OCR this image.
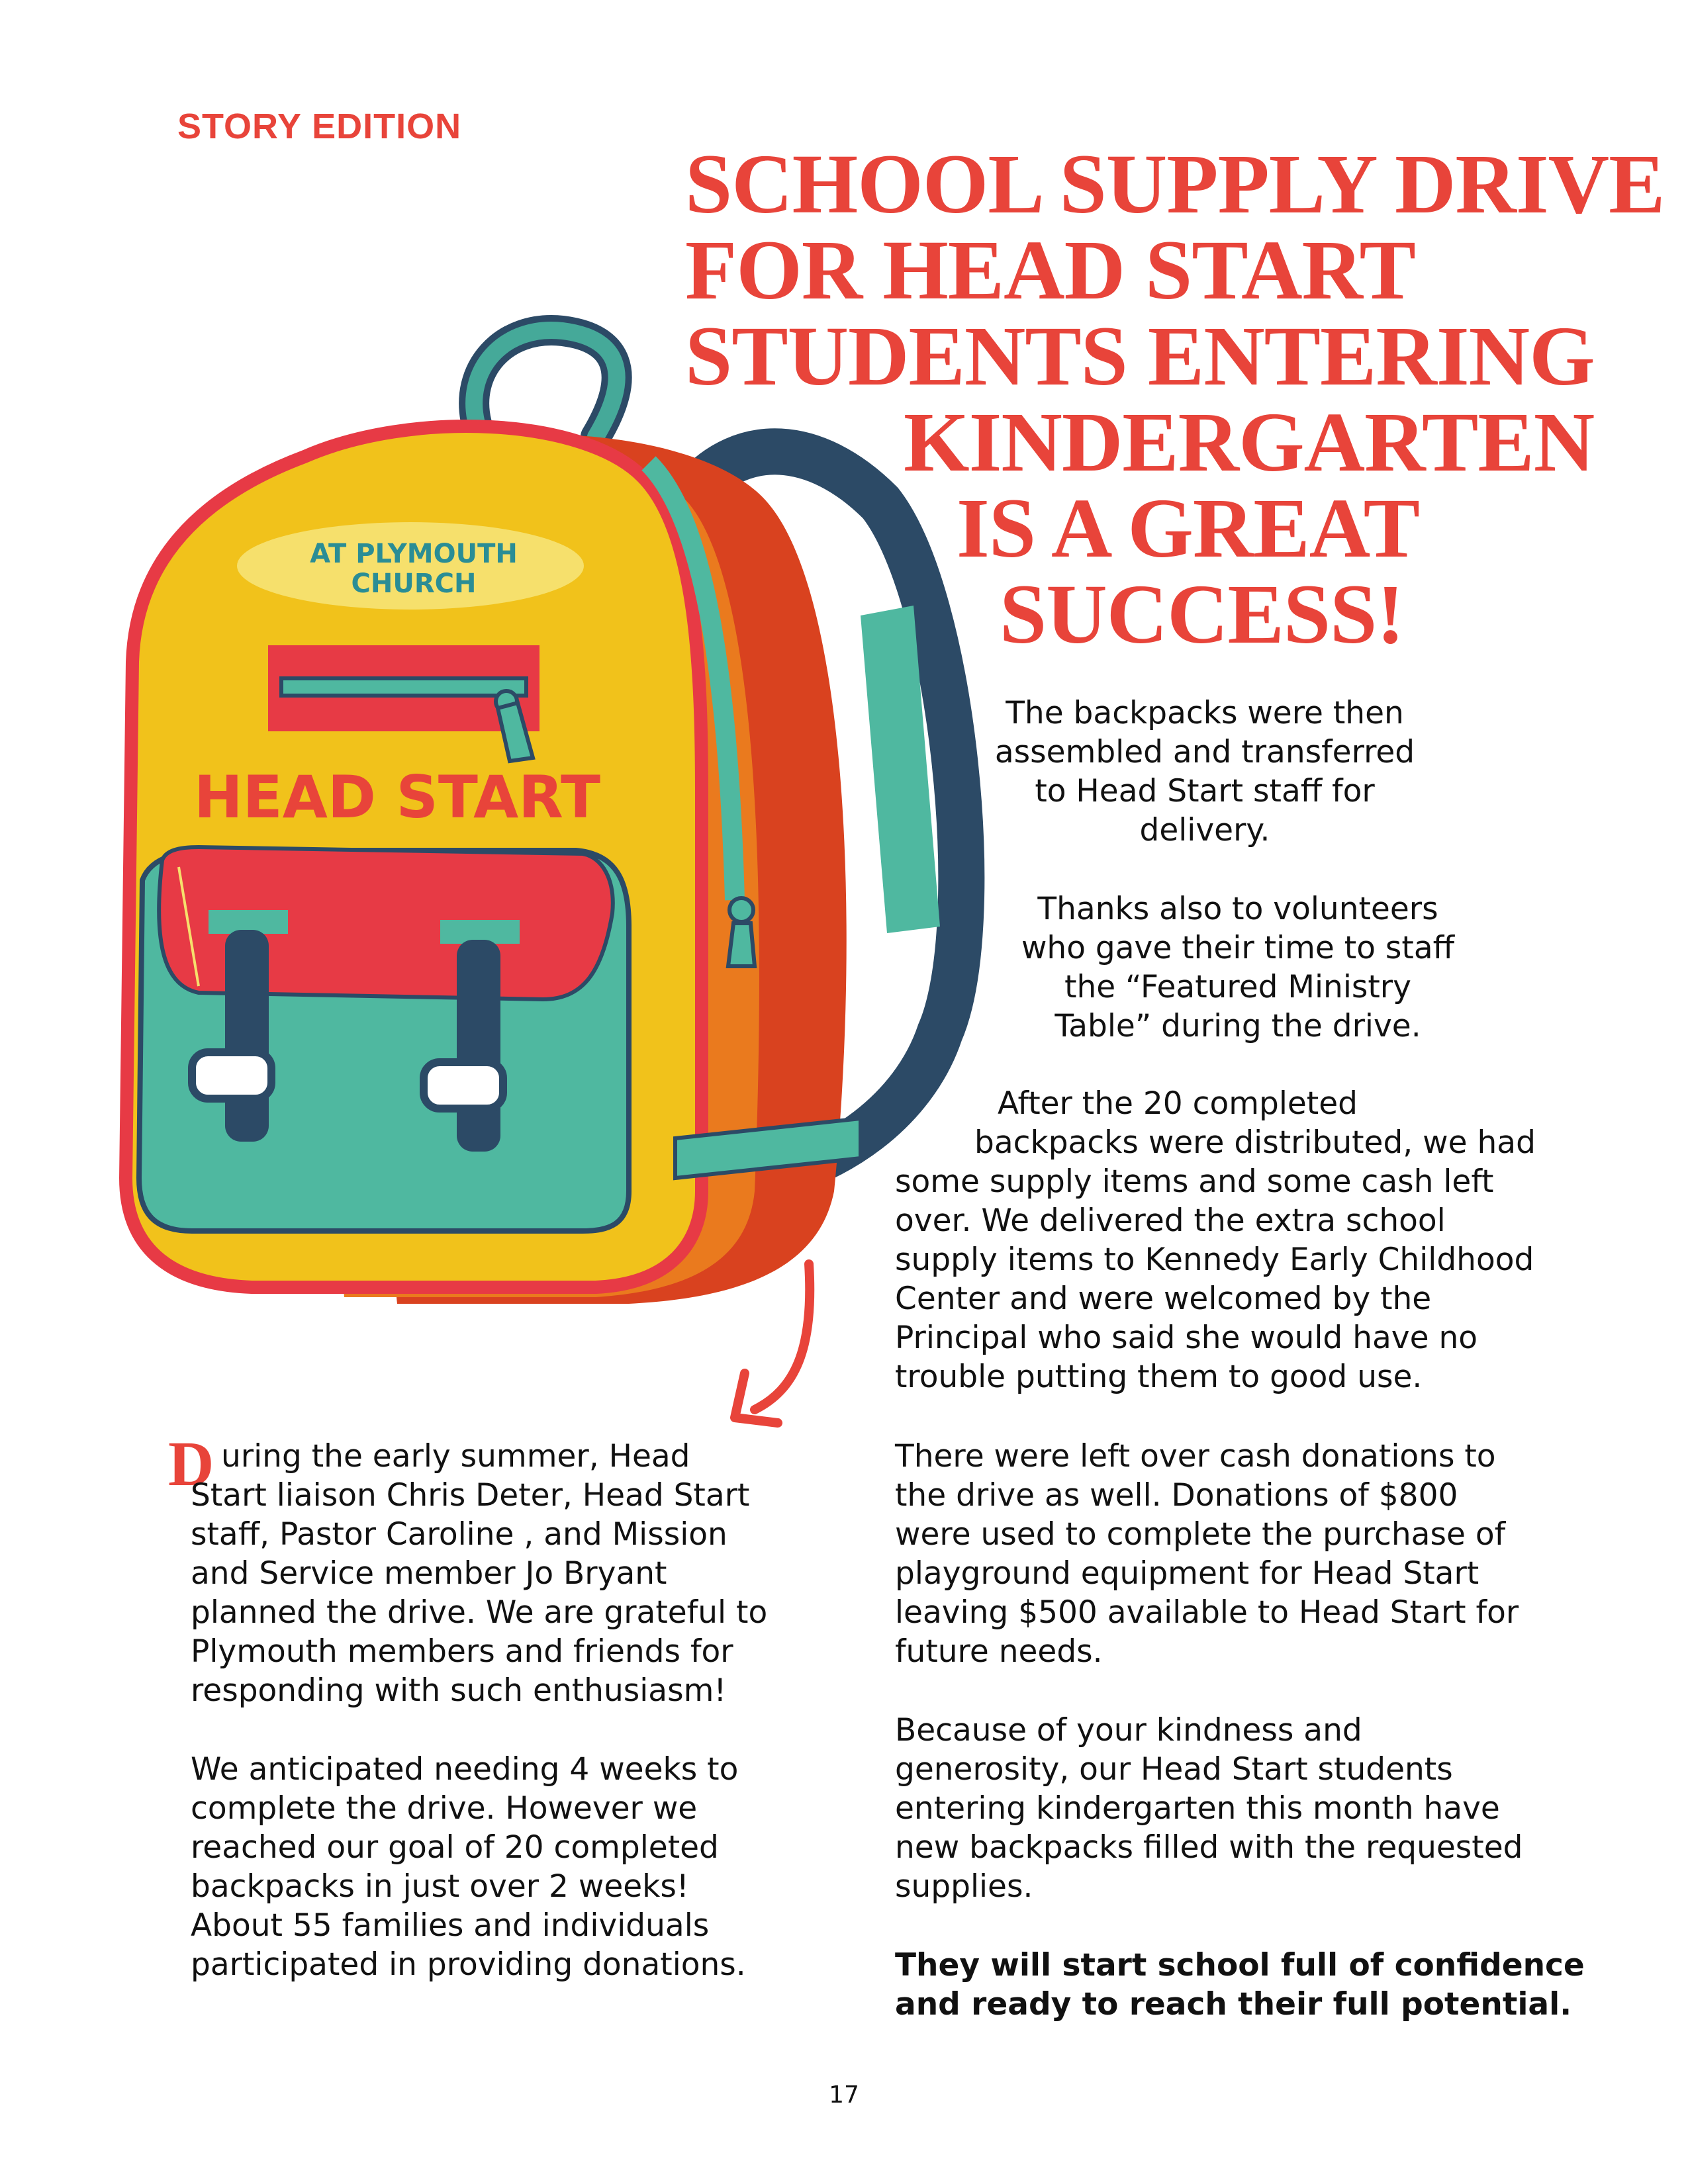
AT PLYMOUTH
CHURCH
HEAD START
STORY EDITION
SCHOOL SUPPLY DRIVE
FOR HEAD START
STUDENTS ENTERING
KINDERGARTEN
IS A GREAT
SUCCESS!
The backpacks were then
assembled and transferred
to Head Start staff for
delivery.
Thanks also to volunteers
who gave their time to staff
the “Featured Ministry
Table” during the drive.
After the 20 completed
backpacks were distributed, we had
some supply items and some cash left
over. We delivered the extra school
supply items to Kennedy Early Childhood
Center and were welcomed by the
Principal who said she would have no
trouble putting them to good use.
There were left over cash donations to
the drive as well. Donations of $800
were used to complete the purchase of
playground equipment for Head Start
leaving $500 available to Head Start for
future needs.
Because of your kindness and
generosity, our Head Start students
entering kindergarten this month have
new backpacks filled with the requested
supplies.
They will start school full of confidence
and ready to reach their full potential.
D uring the early summer, Head
Start liaison Chris Deter, Head Start
staff, Pastor Caroline , and Mission
and Service member Jo Bryant
planned the drive. We are grateful to
Plymouth members and friends for
responding with such enthusiasm!
We anticipated needing 4 weeks to
complete the drive. However we
reached our goal of 20 completed
backpacks in just over 2 weeks!
About 55 families and individuals
participated in providing donations.
17
